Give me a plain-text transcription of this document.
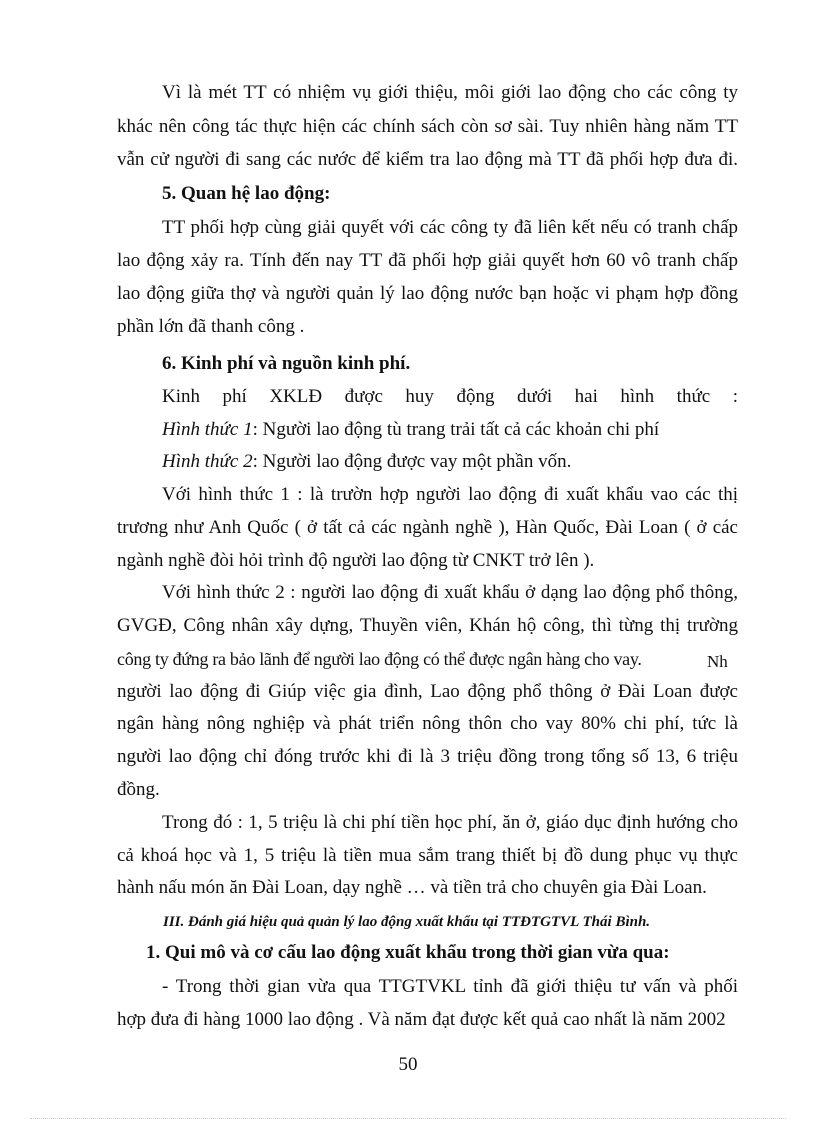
Vì là mét TT có nhiệm vụ giới thiệu, môi giới lao động cho các công ty
khác nên công tác thực hiện các chính sách còn sơ sài. Tuy nhiên hàng năm TT
vẫn cử người đi sang các nước để kiểm tra lao động mà TT đã phối hợp đưa đi.
5. Quan hệ lao động:
TT phối hợp cùng giải quyết với các công ty đã liên kết nếu có tranh chấp
lao động xảy ra. Tính đến nay TT đã phối hợp giải quyết hơn 60 vô tranh chấp
lao động giữa thợ và người quản lý lao động nước bạn hoặc vi phạm hợp đồng
phần lớn đã thanh công .
6. Kinh phí và nguồn kinh phí.
Kinh phí XKLĐ được huy động dưới hai hình thức :
Hình thức 1: Người lao động tù trang trải tất cả các khoản chi phí
Hình thức 2: Người lao động được vay một phần vốn.
Với hình thức 1 : là trườn hợp người lao động đi xuất khẩu vao các thị
trương như Anh Quốc ( ở tất cả các ngành nghề ), Hàn Quốc, Đài Loan ( ở các
ngành nghề đòi hỏi trình độ người lao động từ CNKT trở lên ).
Với hình thức 2 : người lao động đi xuất khẩu ở dạng lao động phổ thông,
GVGĐ, Công nhân xây dựng, Thuyền viên, Khán hộ công, thì từng thị trường
công ty đứng ra bảo lãnh để người lao động có thể được ngân hàng cho vay.	Nh
người lao động đi Giúp việc gia đình, Lao động phổ thông ở Đài Loan được
ngân hàng nông nghiệp và phát triển nông thôn cho vay 80% chi phí, tức là
người lao động chỉ đóng trước khi đi là 3 triệu đồng trong tổng số 13, 6 triệu
đồng.
Trong đó : 1, 5 triệu là chi phí tiền học phí, ăn ở, giáo dục định hướng cho
cả khoá học và 1, 5 triệu là tiền mua sắm trang thiết bị đồ dung phục vụ thực
hành nấu món ăn Đài Loan, dạy nghề … và tiền trả cho chuyên gia Đài Loan.
III. Đánh giá hiệu quả quản lý lao động xuất khẩu tại TTĐTGTVL Thái Bình.
1. Qui mô và cơ cấu lao động xuất khẩu trong thời gian vừa qua:
- Trong thời gian vừa qua TTGTVKL tỉnh đã giới thiệu tư vấn và phối
hợp đưa đi hàng 1000 lao động . Và năm đạt được kết quả cao nhất là năm 2002
50
